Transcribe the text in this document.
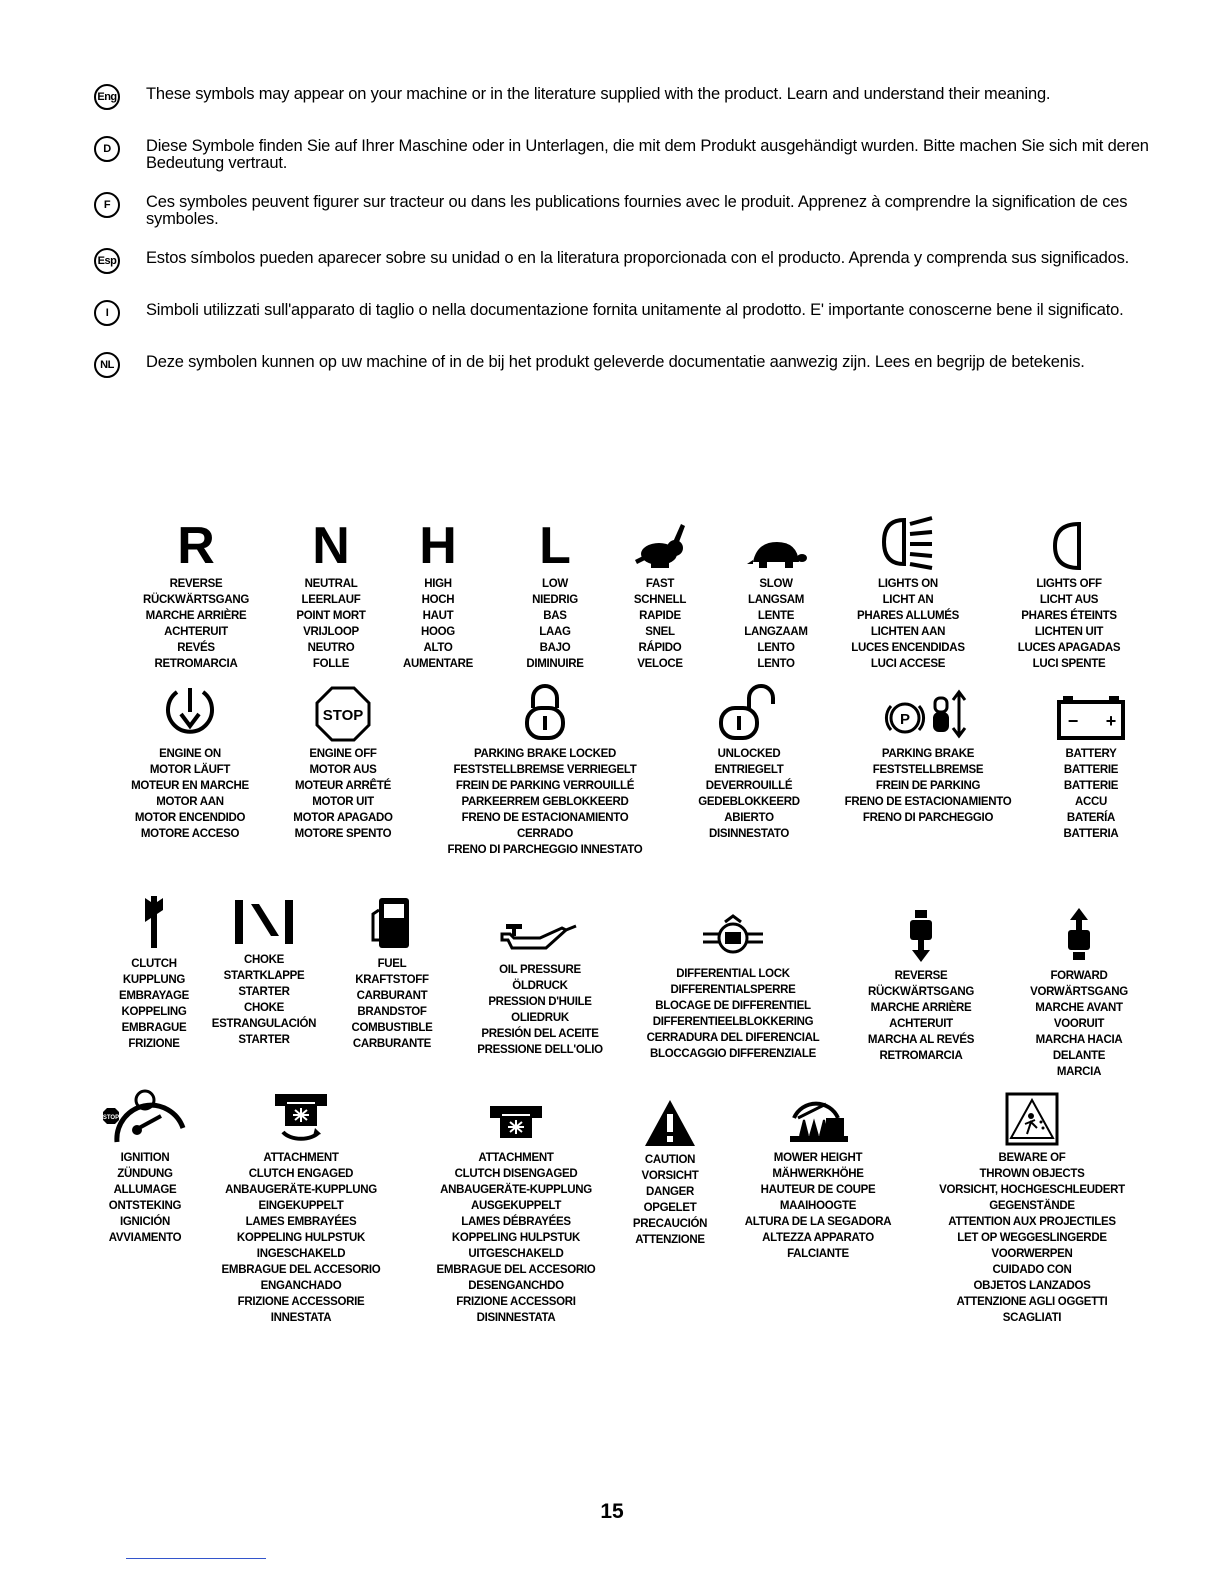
Eng These symbols may appear on your machine or in the literature supplied with the product. Learn and understand their meaning.
D	Diese Symbole finden Sie auf Ihrer Maschine oder in Unterlagen, die mit dem Produkt ausgehändigt wurden. Bitte machen Sie sich mit deren Bedeutung vertraut.
F	Ces symboles peuvent figurer sur tracteur ou dans les publications fournies avec le produit. Apprenez à comprendre la signification de ces symboles.
Esp Estos símbolos pueden aparecer sobre su unidad o en la literatura proporcionada con el producto. Aprenda y comprenda sus significados.
I	Simboli utilizzati sull'apparato di taglio o nella documentazione fornita unitamente al prodotto. E' importante conoscerne bene il significato.
NL	Deze symbolen kunnen op uw machine of in de bij het produkt geleverde documentatie aanwezig zijn. Lees en begrijp de betekenis.
R
REVERSE
RÜCKWÄRTSGANG
MARCHE ARRIÈRE
ACHTERUIT
REVÉS
RETROMARCIA
N
NEUTRAL
LEERLAUF
POINT MORT
VRIJLOOP
NEUTRO
FOLLE
H
HIGH
HOCH
HAUT
HOOG
ALTO
AUMENTARE
L
LOW
NIEDRIG
BAS
LAAG
BAJO
DIMINUIRE
FAST
SCHNELL
RAPIDE
SNEL
RÁPIDO
VELOCE
SLOW
LANGSAM
LENTE
LANGZAAM
LENTO
LENTO
LIGHTS ON
LICHT AN
PHARES ALLUMÉS
LICHTEN AAN
LUCES ENCENDIDAS
LUCI ACCESE
LIGHTS OFF
LICHT AUS
PHARES ÉTEINTS
LICHTEN UIT
LUCES APAGADAS
LUCI SPENTE
ENGINE ON
MOTOR LÄUFT
MOTEUR EN MARCHE
MOTOR AAN
MOTOR ENCENDIDO
MOTORE ACCESO
STOP
ENGINE OFF
MOTOR AUS
MOTEUR ARRÊTÉ
MOTOR UIT
MOTOR APAGADO
MOTORE SPENTO
PARKING BRAKE LOCKED
FESTSTELLBREMSE VERRIEGELT
FREIN DE PARKING VERROUILLÉ
PARKEERREM GEBLOKKEERD
FRENO DE ESTACIONAMIENTO
CERRADO
FRENO DI PARCHEGGIO INNESTATO
UNLOCKED
ENTRIEGELT
DEVERROUILLÉ
GEDEBLOKKEERD
ABIERTO
DISINNESTATO
P
PARKING BRAKE
FESTSTELLBREMSE
FREIN DE PARKING
FRENO DE ESTACIONAMIENTO
FRENO DI PARCHEGGIO
− +
BATTERY
BATTERIE
BATTERIE
ACCU
BATERÍA
BATTERIA
CLUTCH
KUPPLUNG
EMBRAYAGE
KOPPELING
EMBRAGUE
FRIZIONE
CHOKE
STARTKLAPPE
STARTER
CHOKE
ESTRANGULACIÓN
STARTER
FUEL
KRAFTSTOFF
CARBURANT
BRANDSTOF
COMBUSTIBLE
CARBURANTE
OIL PRESSURE
ÖLDRUCK
PRESSION D'HUILE
OLIEDRUK
PRESIÓN DEL ACEITE
PRESSIONE DELL'OLIO
DIFFERENTIAL LOCK
DIFFERENTIALSPERRE
BLOCAGE DE DIFFERENTIEL
DIFFERENTIEELBLOKKERING
CERRADURA DEL DIFERENCIAL
BLOCCAGGIO DIFFERENZIALE
REVERSE
RÜCKWÄRTSGANG
MARCHE ARRIÈRE
ACHTERUIT
MARCHA AL REVÉS
RETROMARCIA
FORWARD
VORWÄRTSGANG
MARCHE AVANT
VOORUIT
MARCHA HACIA
DELANTE
MARCIA
STOP
IGNITION
ZÜNDUNG
ALLUMAGE
ONTSTEKING
IGNICIÓN
AVVIAMENTO
ATTACHMENT
CLUTCH ENGAGED
ANBAUGERÄTE-KUPPLUNG
EINGEKUPPELT
LAMES EMBRAYÉES
KOPPELING HULPSTUK
INGESCHAKELD
EMBRAGUE DEL ACCESORIO
ENGANCHADO
FRIZIONE ACCESSORIE
INNESTATA
ATTACHMENT
CLUTCH DISENGAGED
ANBAUGERÄTE-KUPPLUNG
AUSGEKUPPELT
LAMES DÉBRAYÉES
KOPPELING HULPSTUK
UITGESCHAKELD
EMBRAGUE DEL ACCESORIO
DESENGANCHDO
FRIZIONE ACCESSORI
DISINNESTATA
CAUTION
VORSICHT
DANGER
OPGELET
PRECAUCIÓN
ATTENZIONE
MOWER HEIGHT
MÄHWERKHÖHE
HAUTEUR DE COUPE
MAAIHOOGTE
ALTURA DE LA SEGADORA
ALTEZZA APPARATO
FALCIANTE
BEWARE OF
THROWN OBJECTS
VORSICHT, HOCHGESCHLEUDERT
GEGENSTÄNDE
ATTENTION AUX PROJECTILES
LET OP WEGGESLINGERDE
VOORWERPEN
CUIDADO CON
OBJETOS LANZADOS
ATTENZIONE AGLI OGGETTI
SCAGLIATI
15
